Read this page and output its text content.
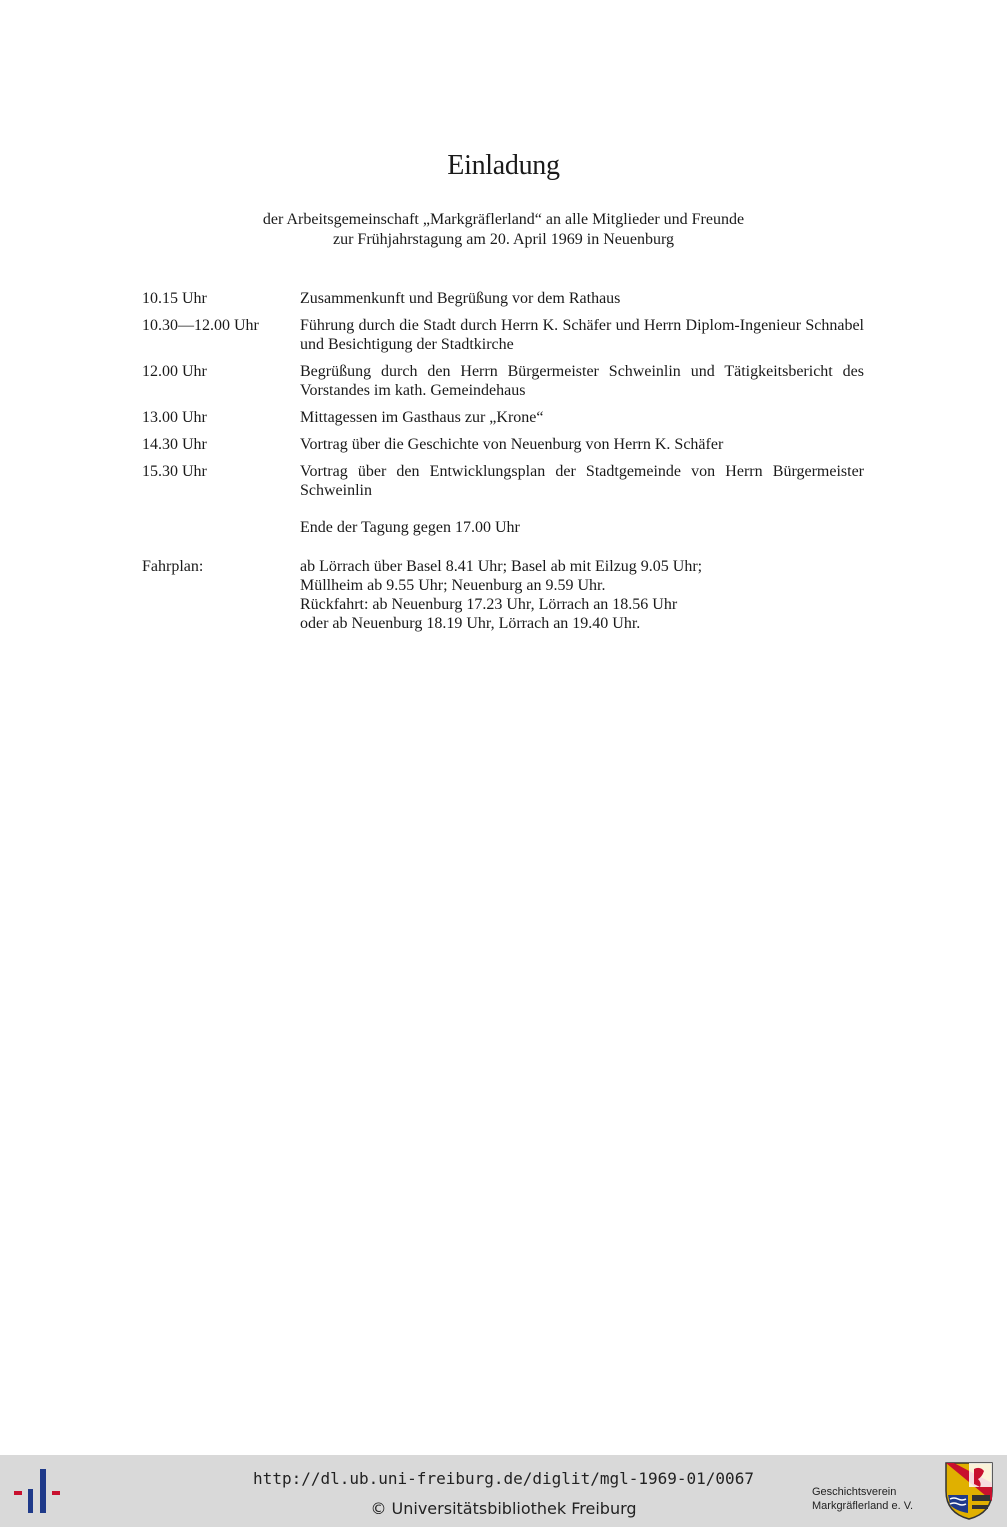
Einladung
der Arbeitsgemeinschaft „Markgräflerland“ an alle Mitglieder und Freunde
zur Frühjahrstagung am 20. April 1969 in Neuenburg
10.15 Uhr	Zusammenkunft und Begrüßung vor dem Rathaus
10.30—12.00 Uhr	Führung durch die Stadt durch Herrn K. Schäfer und Herrn Diplom-Ingenieur Schnabel und Besichtigung der Stadtkirche
12.00 Uhr	Begrüßung durch den Herrn Bürgermeister Schweinlin und Tätigkeitsbericht des Vorstandes im kath. Gemeindehaus
13.00 Uhr	Mittagessen im Gasthaus zur „Krone“
14.30 Uhr	Vortrag über die Geschichte von Neuenburg von Herrn K. Schäfer
15.30 Uhr	Vortrag über den Entwicklungsplan der Stadtgemeinde von Herrn Bürgermeister Schweinlin
Ende der Tagung gegen 17.00 Uhr
Fahrplan:	ab Lörrach über Basel 8.41 Uhr; Basel ab mit Eilzug 9.05 Uhr;
Müllheim ab 9.55 Uhr; Neuenburg an 9.59 Uhr.
Rückfahrt: ab Neuenburg 17.23 Uhr, Lörrach an 18.56 Uhr
oder ab Neuenburg 18.19 Uhr, Lörrach an 19.40 Uhr.
http://dl.ub.uni-freiburg.de/diglit/mgl-1969-01/0067
© Universitätsbibliothek Freiburg
Geschichtsverein
Markgräflerland e. V.
